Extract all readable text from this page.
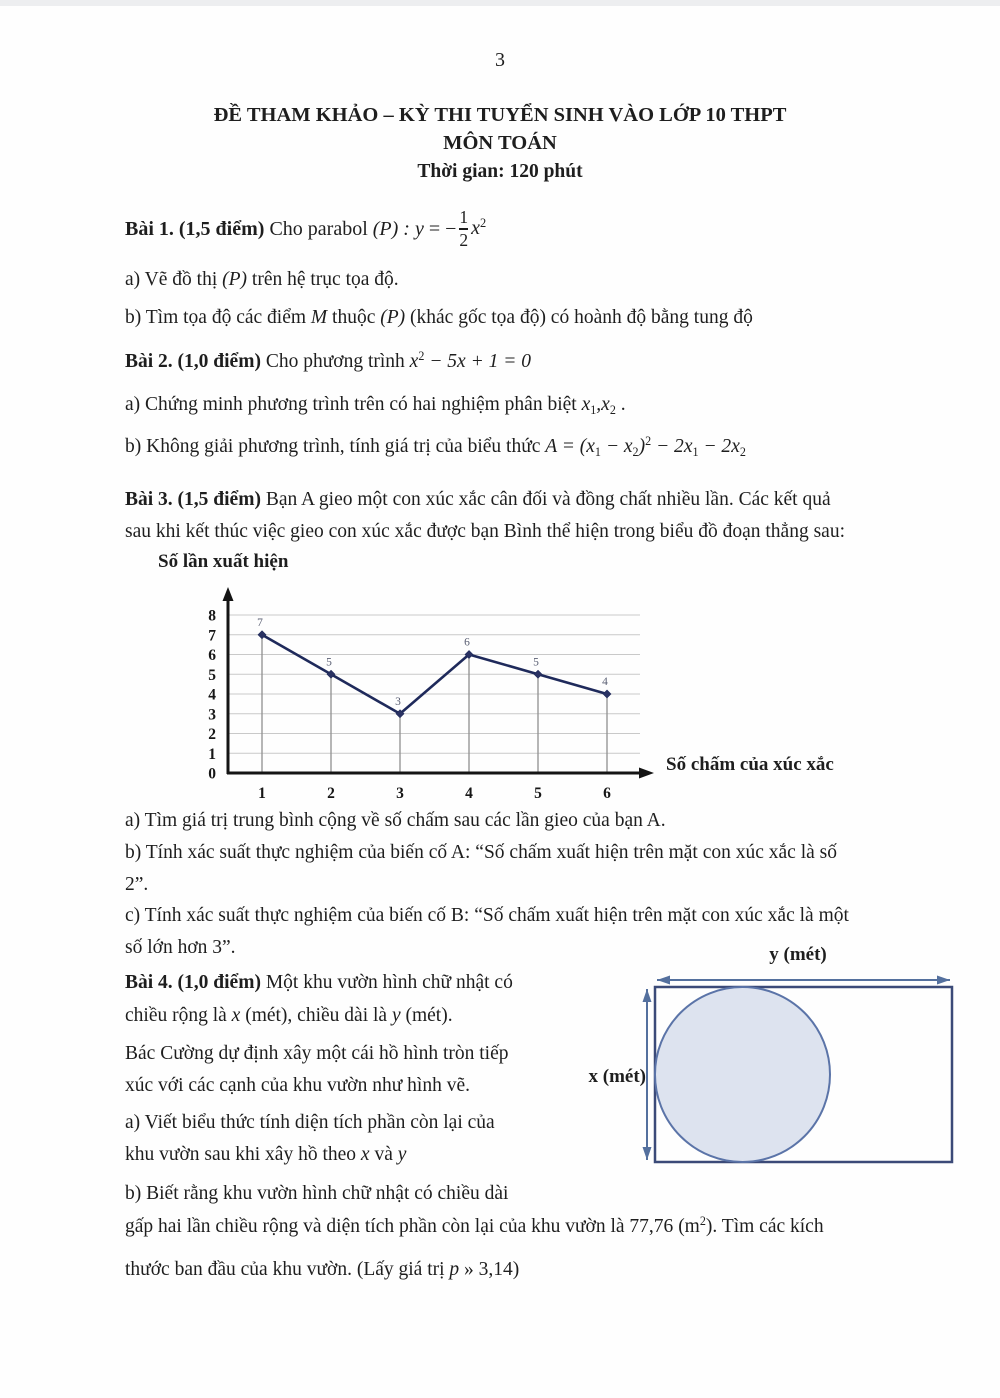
3
ĐỀ THAM KHẢO – KỲ THI TUYỂN SINH VÀO LỚP 10 THPT
MÔN TOÁN
Thời gian: 120 phút
Bài 1. (1,5 điểm) Cho parabol (P) : y = − $\frac{1}{2} x^2$
a) Vẽ đồ thị (P) trên hệ trục tọa độ.
b) Tìm tọa độ các điểm M thuộc (P) (khác gốc tọa độ) có hoành độ bằng tung độ
Bài 2. (1,0 điểm) Cho phương trình $x^2 - 5x + 1 = 0$
a) Chứng minh phương trình trên có hai nghiệm phân biệt $x_1,x_2$ .
b) Không giải phương trình, tính giá trị của biểu thức $A = (x_1 - x_2)^2 - 2x_1 - 2x_2$
Bài 3. (1,5 điểm) Bạn A gieo một con xúc xắc cân đối và đồng chất nhiều lần. Các kết quả
sau khi kết thúc việc gieo con xúc xắc được bạn Bình thể hiện trong biểu đồ đoạn thẳng sau:
Số lần xuất hiện
7
5
3
6
5
4
0
1
2
3
4
5
6
7
8
1	2	3	4	5	6
Số chấm của xúc xắc
a) Tìm giá trị trung bình cộng về số chấm sau các lần gieo của bạn A.
b) Tính xác suất thực nghiệm của biến cố A: “Số chấm xuất hiện trên mặt con xúc xắc là số
2”.
c) Tính xác suất thực nghiệm của biến cố B: “Số chấm xuất hiện trên mặt con xúc xắc là một
số lớn hơn 3”.
Bài 4. (1,0 điểm) Một khu vườn hình chữ nhật có
chiều rộng là x (mét), chiều dài là y (mét).
Bác Cường dự định xây một cái hồ hình tròn tiếp
xúc với các cạnh của khu vườn như hình vẽ.
a) Viết biểu thức tính diện tích phần còn lại của
khu vườn sau khi xây hồ theo x và y
b) Biết rằng khu vườn hình chữ nhật có chiều dài
y (mét)
x (mét)
gấp hai lần chiều rộng và diện tích phần còn lại của khu vườn là 77,76 $(m^2)$. Tìm các kích
thước ban đầu của khu vườn. (Lấy giá trị p » 3,14)
